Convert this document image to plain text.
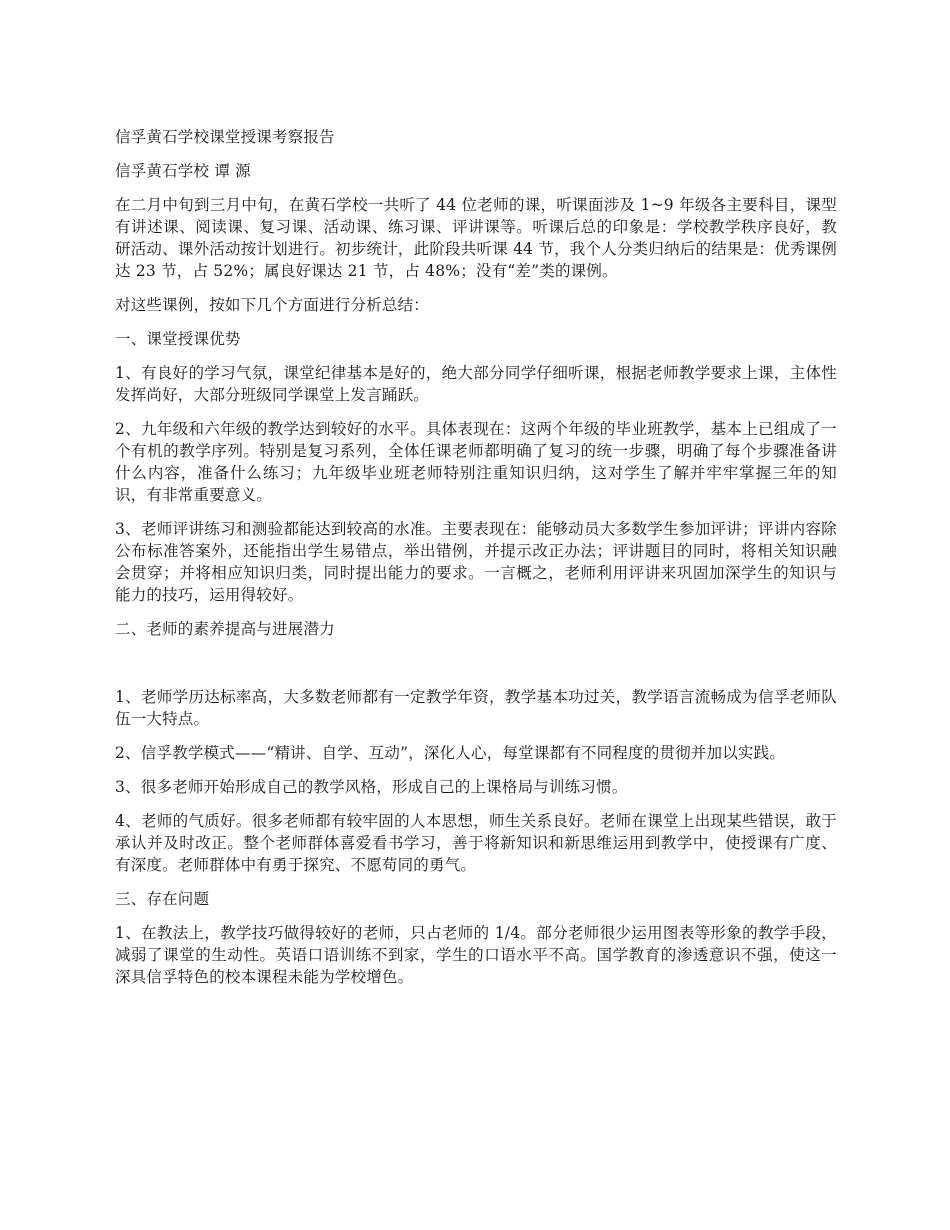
信孚黄石学校课堂授课考察报告

信孚黄石学校 谭 源

在二月中旬到三月中旬，在黄石学校一共听了 44 位老师的课，听课面涉及 1~9 年级各主要科目，课型有讲述课、阅读课、复习课、活动课、练习课、评讲课等。听课后总的印象是：学校教学秩序良好，教研活动、课外活动按计划进行。初步统计，此阶段共听课 44 节，我个人分类归纳后的结果是：优秀课例达 23 节，占 52%；属良好课达 21 节，占 48%；没有“差”类的课例。

对这些课例，按如下几个方面进行分析总结：

一、课堂授课优势

1、有良好的学习气氛，课堂纪律基本是好的，绝大部分同学仔细听课，根据老师教学要求上课，主体性发挥尚好，大部分班级同学课堂上发言踊跃。

2、九年级和六年级的教学达到较好的水平。具体表现在：这两个年级的毕业班教学，基本上已组成了一个有机的教学序列。特别是复习系列，全体任课老师都明确了复习的统一步骤，明确了每个步骤准备讲什么内容，准备什么练习；九年级毕业班老师特别注重知识归纳，这对学生了解并牢牢掌握三年的知识，有非常重要意义。

3、老师评讲练习和测验都能达到较高的水准。主要表现在：能够动员大多数学生参加评讲；评讲内容除公布标准答案外，还能指出学生易错点，举出错例，并提示改正办法；评讲题目的同时，将相关知识融会贯穿；并将相应知识归类，同时提出能力的要求。一言概之，老师利用评讲来巩固加深学生的知识与能力的技巧，运用得较好。

二、老师的素养提高与进展潜力

1、老师学历达标率高，大多数老师都有一定教学年资，教学基本功过关，教学语言流畅成为信孚老师队伍一大特点。

2、信孚教学模式——“精讲、自学、互动”，深化人心，每堂课都有不同程度的贯彻并加以实践。

3、很多老师开始形成自己的教学风格，形成自己的上课格局与训练习惯。

4、老师的气质好。很多老师都有较牢固的人本思想，师生关系良好。老师在课堂上出现某些错误，敢于承认并及时改正。整个老师群体喜爱看书学习，善于将新知识和新思维运用到教学中，使授课有广度、有深度。老师群体中有勇于探究、不愿苟同的勇气。

三、存在问题

1、在教法上，教学技巧做得较好的老师，只占老师的 1/4。部分老师很少运用图表等形象的教学手段，减弱了课堂的生动性。英语口语训练不到家，学生的口语水平不高。国学教育的渗透意识不强，使这一深具信孚特色的校本课程未能为学校增色。
